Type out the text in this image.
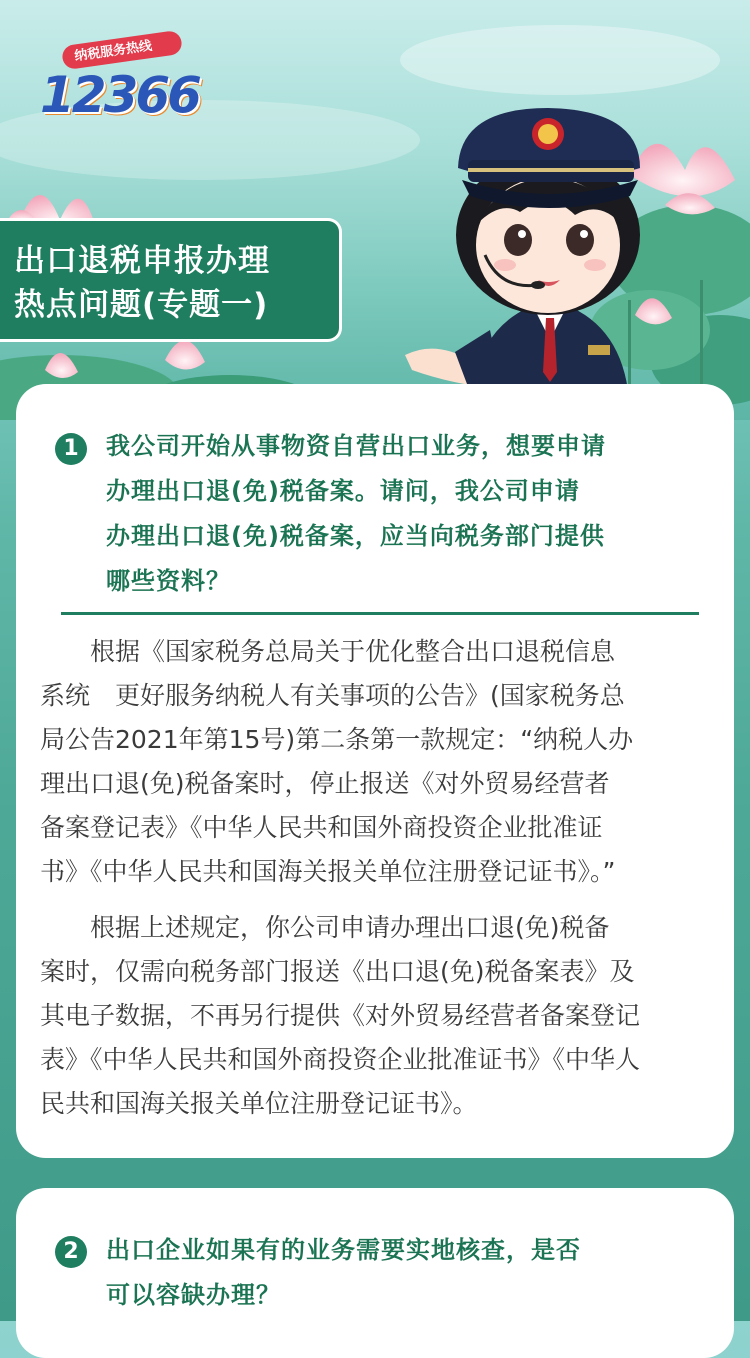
纳税服务热线
12366
出口退税申报办理
热点问题(专题一)
1	我公司开始从事物资自营出口业务，想要申请
办理出口退(免)税备案。请问，我公司申请
办理出口退(免)税备案，应当向税务部门提供
哪些资料？
　　根据《国家税务总局关于优化整合出口退税信息
系统　更好服务纳税人有关事项的公告》(国家税务总
局公告2021年第15号)第二条第一款规定：“纳税人办
理出口退(免)税备案时，停止报送《对外贸易经营者
备案登记表》《中华人民共和国外商投资企业批准证
书》《中华人民共和国海关报关单位注册登记证书》。”
　　根据上述规定，你公司申请办理出口退(免)税备
案时，仅需向税务部门报送《出口退(免)税备案表》及
其电子数据，不再另行提供《对外贸易经营者备案登记
表》《中华人民共和国外商投资企业批准证书》《中华人
民共和国海关报关单位注册登记证书》。
2	出口企业如果有的业务需要实地核查，是否
可以容缺办理？
